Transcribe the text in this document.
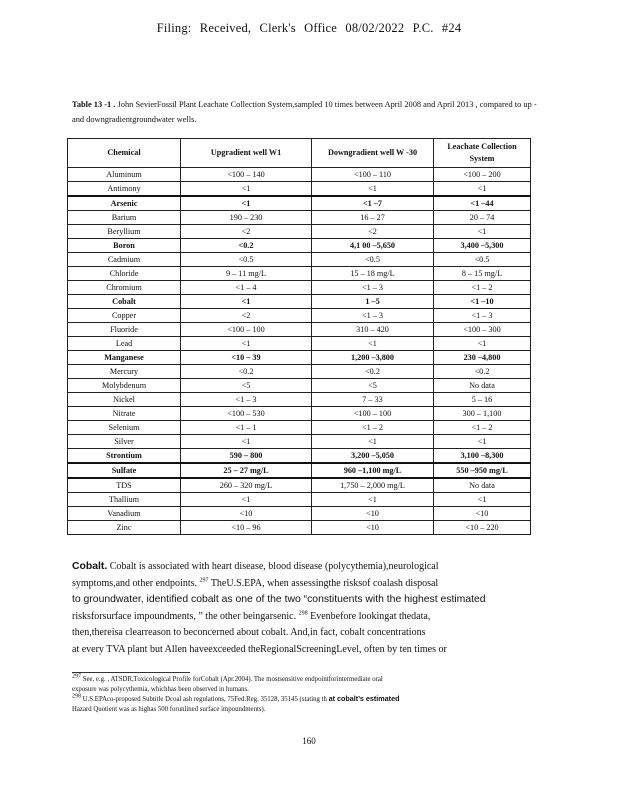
Filing: Received, Clerk's Office 08/02/2022 P.C. #24
Table 13 -1 . John SevierFossil Plant Leachate Collection System,sampled 10 times between April 2008 and April 2013 , compared to up -and downgradientgroundwater wells.
Chemical	Upgradient well W1	Downgradient well W -30	Leachate Collection System
Aluminum	<100 – 140	<100 – 110	<100 – 200
Antimony	<1	<1	<1
Arsenic	<1	<1 –7	<1 –44
Barium	190 – 230	16 – 27	20 – 74
Beryllium	<2	<2	<1
Boron	<0.2	4,1 00 –5,650	3,400 –5,300
Cadmium	<0.5	<0.5	<0.5
Chloride	9 – 11 mg/L	15 – 18 mg/L	8 – 15 mg/L
Chromium	<1 – 4	<1 – 3	<1 – 2
Cobalt	<1	1 –5	<1 –10
Copper	<2	<1 – 3	<1 – 3
Fluoride	<100 – 100	310 – 420	<100 – 300
Lead	<1	<1	<1
Manganese	<10 – 39	1,200 –3,800	230 –4,800
Mercury	<0.2	<0.2	<0.2
Molybdenum	<5	<5	No data
Nickel	<1 – 3	7 – 33	5 – 16
Nitrate	<100 – 530	<100 – 100	300 – 1,100
Selenium	<1 – 1	<1 – 2	<1 – 2
Silver	<1	<1	<1
Strontium	590 – 800	3,200 –5,050	3,100 –8,300
Sulfate	25 – 27 mg/L	960 –1,100 mg/L	550 –950 mg/L
TDS	260 – 320 mg/L	1,750 – 2,000 mg/L	No data
Thallium	<1	<1	<1
Vanadium	<10	<10	<10
Zinc	<10 – 96	<10	<10 – 220

Cobalt. Cobalt is associated with heart disease, blood disease (polycythemia),neurological

symptoms,and other endpoints. $^{297}$ TheU.S.EPA, when assessingthe risksof coalash disposal

to groundwater, identified cobalt as one of the two “constituents with the highest estimated

risksforsurface impoundments, ” the other beingarsenic. $^{298}$ Evenbefore lookingat thedata,

then,thereisa clearreason to beconcerned about cobalt. And,in fact, cobalt concentrations

at every TVA plant but Allen haveexceeded theRegionalScreeningLevel, often by ten times or

$^{297}$ See, e.g. , ATSDR,Toxicological Profile forCobalt (Apr.2004). The mostsensitive endpointforintermediate oral

exposure was polycythemia, whichhas been observed in humans.

$^{298}$ U.S.EPAco-proposed Subtitle Dcoal ash regulations, 75Fed.Reg. 35128, 35145 (stating th at cobalt’s estimated

Hazard Quotient was as highas 500 forunlined surface impoundments).

160
